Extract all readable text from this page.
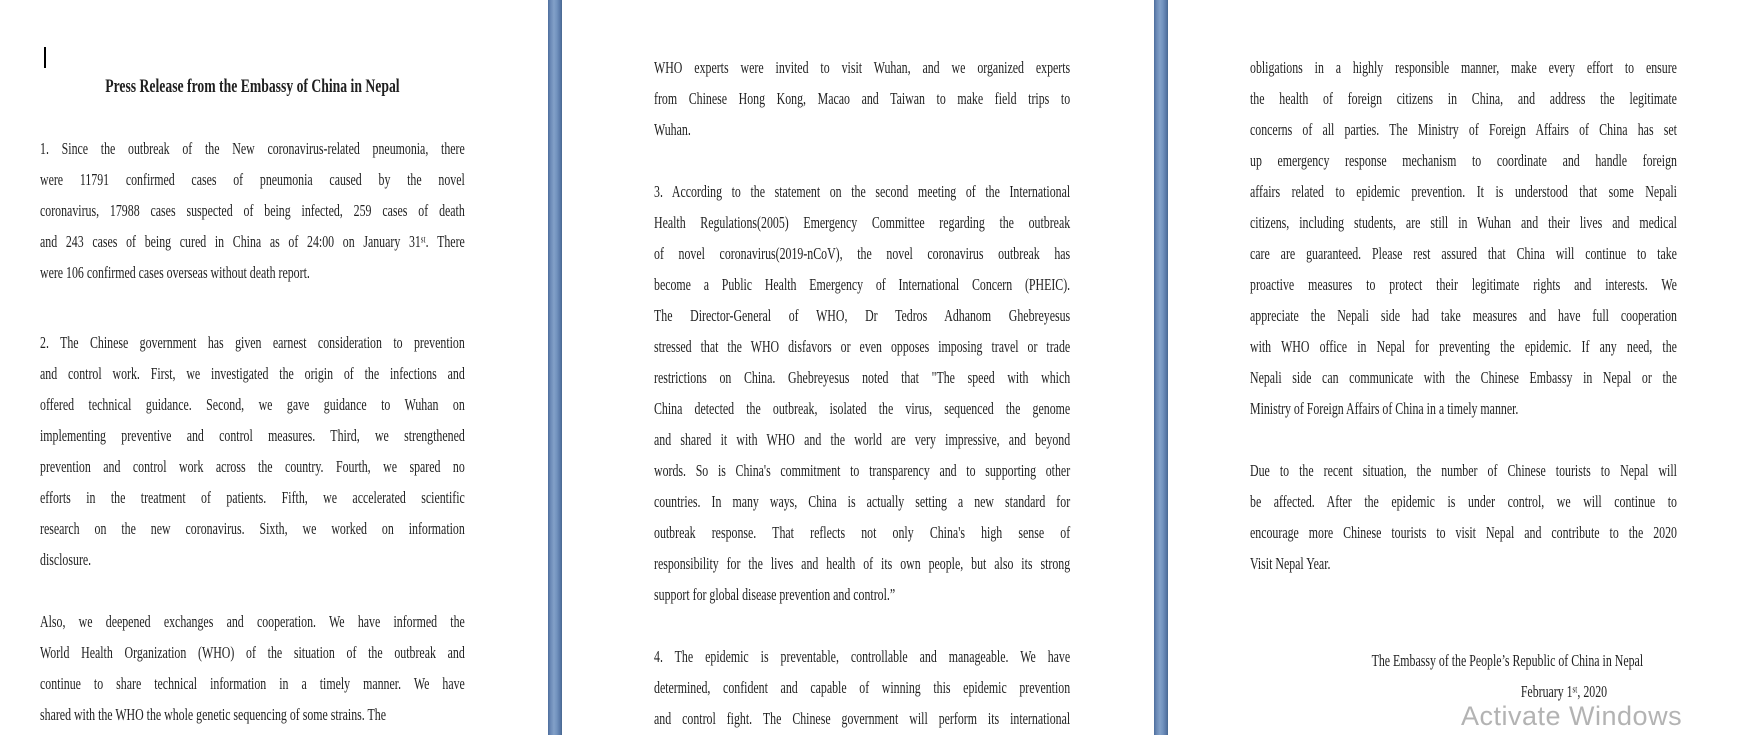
Press Release from the Embassy of China in Nepal
1. Since the outbreak of the New coronavirus-related pneumonia, there
were 11791 confirmed cases of pneumonia caused by the novel
coronavirus, 17988 cases suspected of being infected, 259 cases of death
and 243 cases of being cured in China as of 24:00 on January 31ˢᵗ. There
were 106 confirmed cases overseas without death report.
2. The Chinese government has given earnest consideration to prevention
and control work. First, we investigated the origin of the infections and
offered technical guidance. Second, we gave guidance to Wuhan on
implementing preventive and control measures. Third, we strengthened
prevention and control work across the country. Fourth, we spared no
efforts in the treatment of patients. Fifth, we accelerated scientific
research on the new coronavirus. Sixth, we worked on information
disclosure.
Also, we deepened exchanges and cooperation. We have informed the
World Health Organization (WHO) of the situation of the outbreak and
continue to share technical information in a timely manner. We have
shared with the WHO the whole genetic sequencing of some strains. The
WHO experts were invited to visit Wuhan, and we organized experts
from Chinese Hong Kong, Macao and Taiwan to make field trips to
Wuhan.
3. According to the statement on the second meeting of the International
Health Regulations(2005) Emergency Committee regarding the outbreak
of novel coronavirus(2019-nCoV), the novel coronavirus outbreak has
become a Public Health Emergency of International Concern (PHEIC).
The Director-General of WHO, Dr Tedros Adhanom Ghebreyesus
stressed that the WHO disfavors or even opposes imposing travel or trade
restrictions on China. Ghebreyesus noted that "The speed with which
China detected the outbreak, isolated the virus, sequenced the genome
and shared it with WHO and the world are very impressive, and beyond
words. So is China's commitment to transparency and to supporting other
countries. In many ways, China is actually setting a new standard for
outbreak response. That reflects not only China's high sense of
responsibility for the lives and health of its own people, but also its strong
support for global disease prevention and control.”
4. The epidemic is preventable, controllable and manageable. We have
determined, confident and capable of winning this epidemic prevention
and control fight. The Chinese government will perform its international
obligations in a highly responsible manner, make every effort to ensure
the health of foreign citizens in China, and address the legitimate
concerns of all parties. The Ministry of Foreign Affairs of China has set
up emergency response mechanism to coordinate and handle foreign
affairs related to epidemic prevention. It is understood that some Nepali
citizens, including students, are still in Wuhan and their lives and medical
care are guaranteed. Please rest assured that China will continue to take
proactive measures to protect their legitimate rights and interests. We
appreciate the Nepali side had take measures and have full cooperation
with WHO office in Nepal for preventing the epidemic. If any need, the
Nepali side can communicate with the Chinese Embassy in Nepal or the
Ministry of Foreign Affairs of China in a timely manner.
Due to the recent situation, the number of Chinese tourists to Nepal will
be affected. After the epidemic is under control, we will continue to
encourage more Chinese tourists to visit Nepal and contribute to the 2020
Visit Nepal Year.
The Embassy of the People’s Republic of China in Nepal
February 1ˢᵗ, 2020
Activate Windows
